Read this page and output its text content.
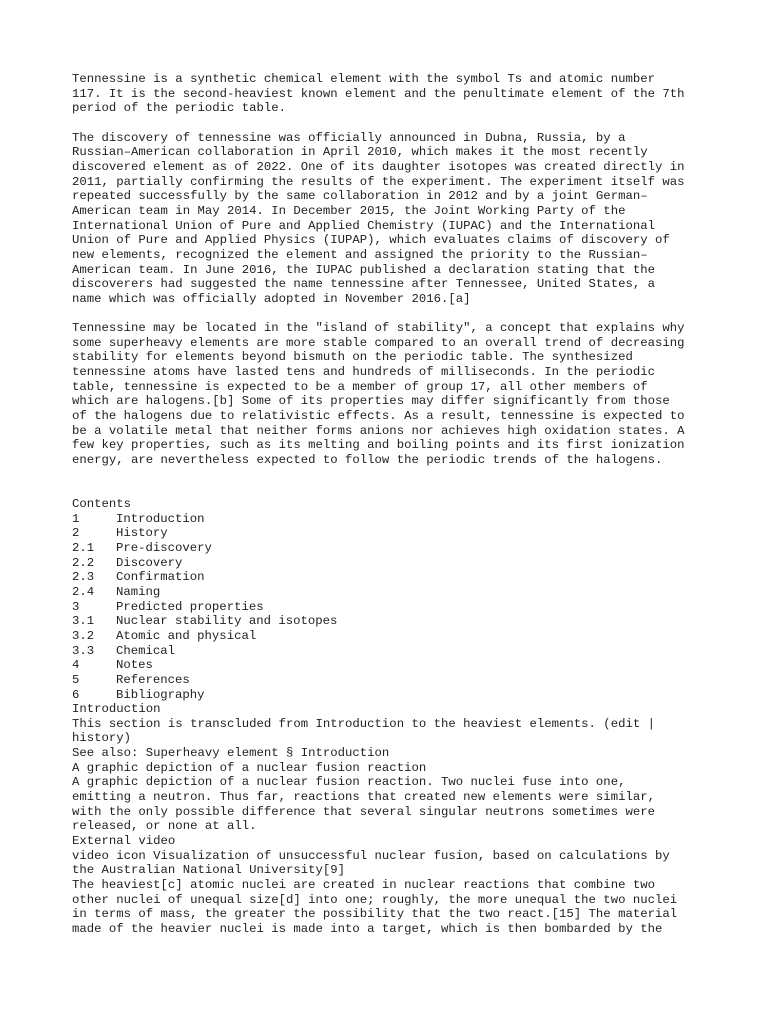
Tennessine is a synthetic chemical element with the symbol Ts and atomic number
117. It is the second-heaviest known element and the penultimate element of the 7th
period of the periodic table.

The discovery of tennessine was officially announced in Dubna, Russia, by a
Russian–American collaboration in April 2010, which makes it the most recently
discovered element as of 2022. One of its daughter isotopes was created directly in
2011, partially confirming the results of the experiment. The experiment itself was
repeated successfully by the same collaboration in 2012 and by a joint German–
American team in May 2014. In December 2015, the Joint Working Party of the
International Union of Pure and Applied Chemistry (IUPAC) and the International
Union of Pure and Applied Physics (IUPAP), which evaluates claims of discovery of
new elements, recognized the element and assigned the priority to the Russian–
American team. In June 2016, the IUPAC published a declaration stating that the
discoverers had suggested the name tennessine after Tennessee, United States, a
name which was officially adopted in November 2016.[a]

Tennessine may be located in the "island of stability", a concept that explains why
some superheavy elements are more stable compared to an overall trend of decreasing
stability for elements beyond bismuth on the periodic table. The synthesized
tennessine atoms have lasted tens and hundreds of milliseconds. In the periodic
table, tennessine is expected to be a member of group 17, all other members of
which are halogens.[b] Some of its properties may differ significantly from those
of the halogens due to relativistic effects. As a result, tennessine is expected to
be a volatile metal that neither forms anions nor achieves high oxidation states. A
few key properties, such as its melting and boiling points and its first ionization
energy, are nevertheless expected to follow the periodic trends of the halogens.

Contents
1	Introduction
2	History
2.1 Pre-discovery
2.2 Discovery
2.3 Confirmation
2.4 Naming
3	Predicted properties
3.1 Nuclear stability and isotopes
3.2 Atomic and physical
3.3 Chemical
4	Notes
5	References
6	Bibliography
Introduction

This section is transcluded from Introduction to the heaviest elements. (edit |
history)

See also: Superheavy element § Introduction
A graphic depiction of a nuclear fusion reaction

A graphic depiction of a nuclear fusion reaction. Two nuclei fuse into one,
emitting a neutron. Thus far, reactions that created new elements were similar,
with the only possible difference that several singular neutrons sometimes were
released, or none at all.

External video

video icon Visualization of unsuccessful nuclear fusion, based on calculations by
the Australian National University[9]

The heaviest[c] atomic nuclei are created in nuclear reactions that combine two
other nuclei of unequal size[d] into one; roughly, the more unequal the two nuclei
in terms of mass, the greater the possibility that the two react.[15] The material
made of the heavier nuclei is made into a target, which is then bombarded by the
